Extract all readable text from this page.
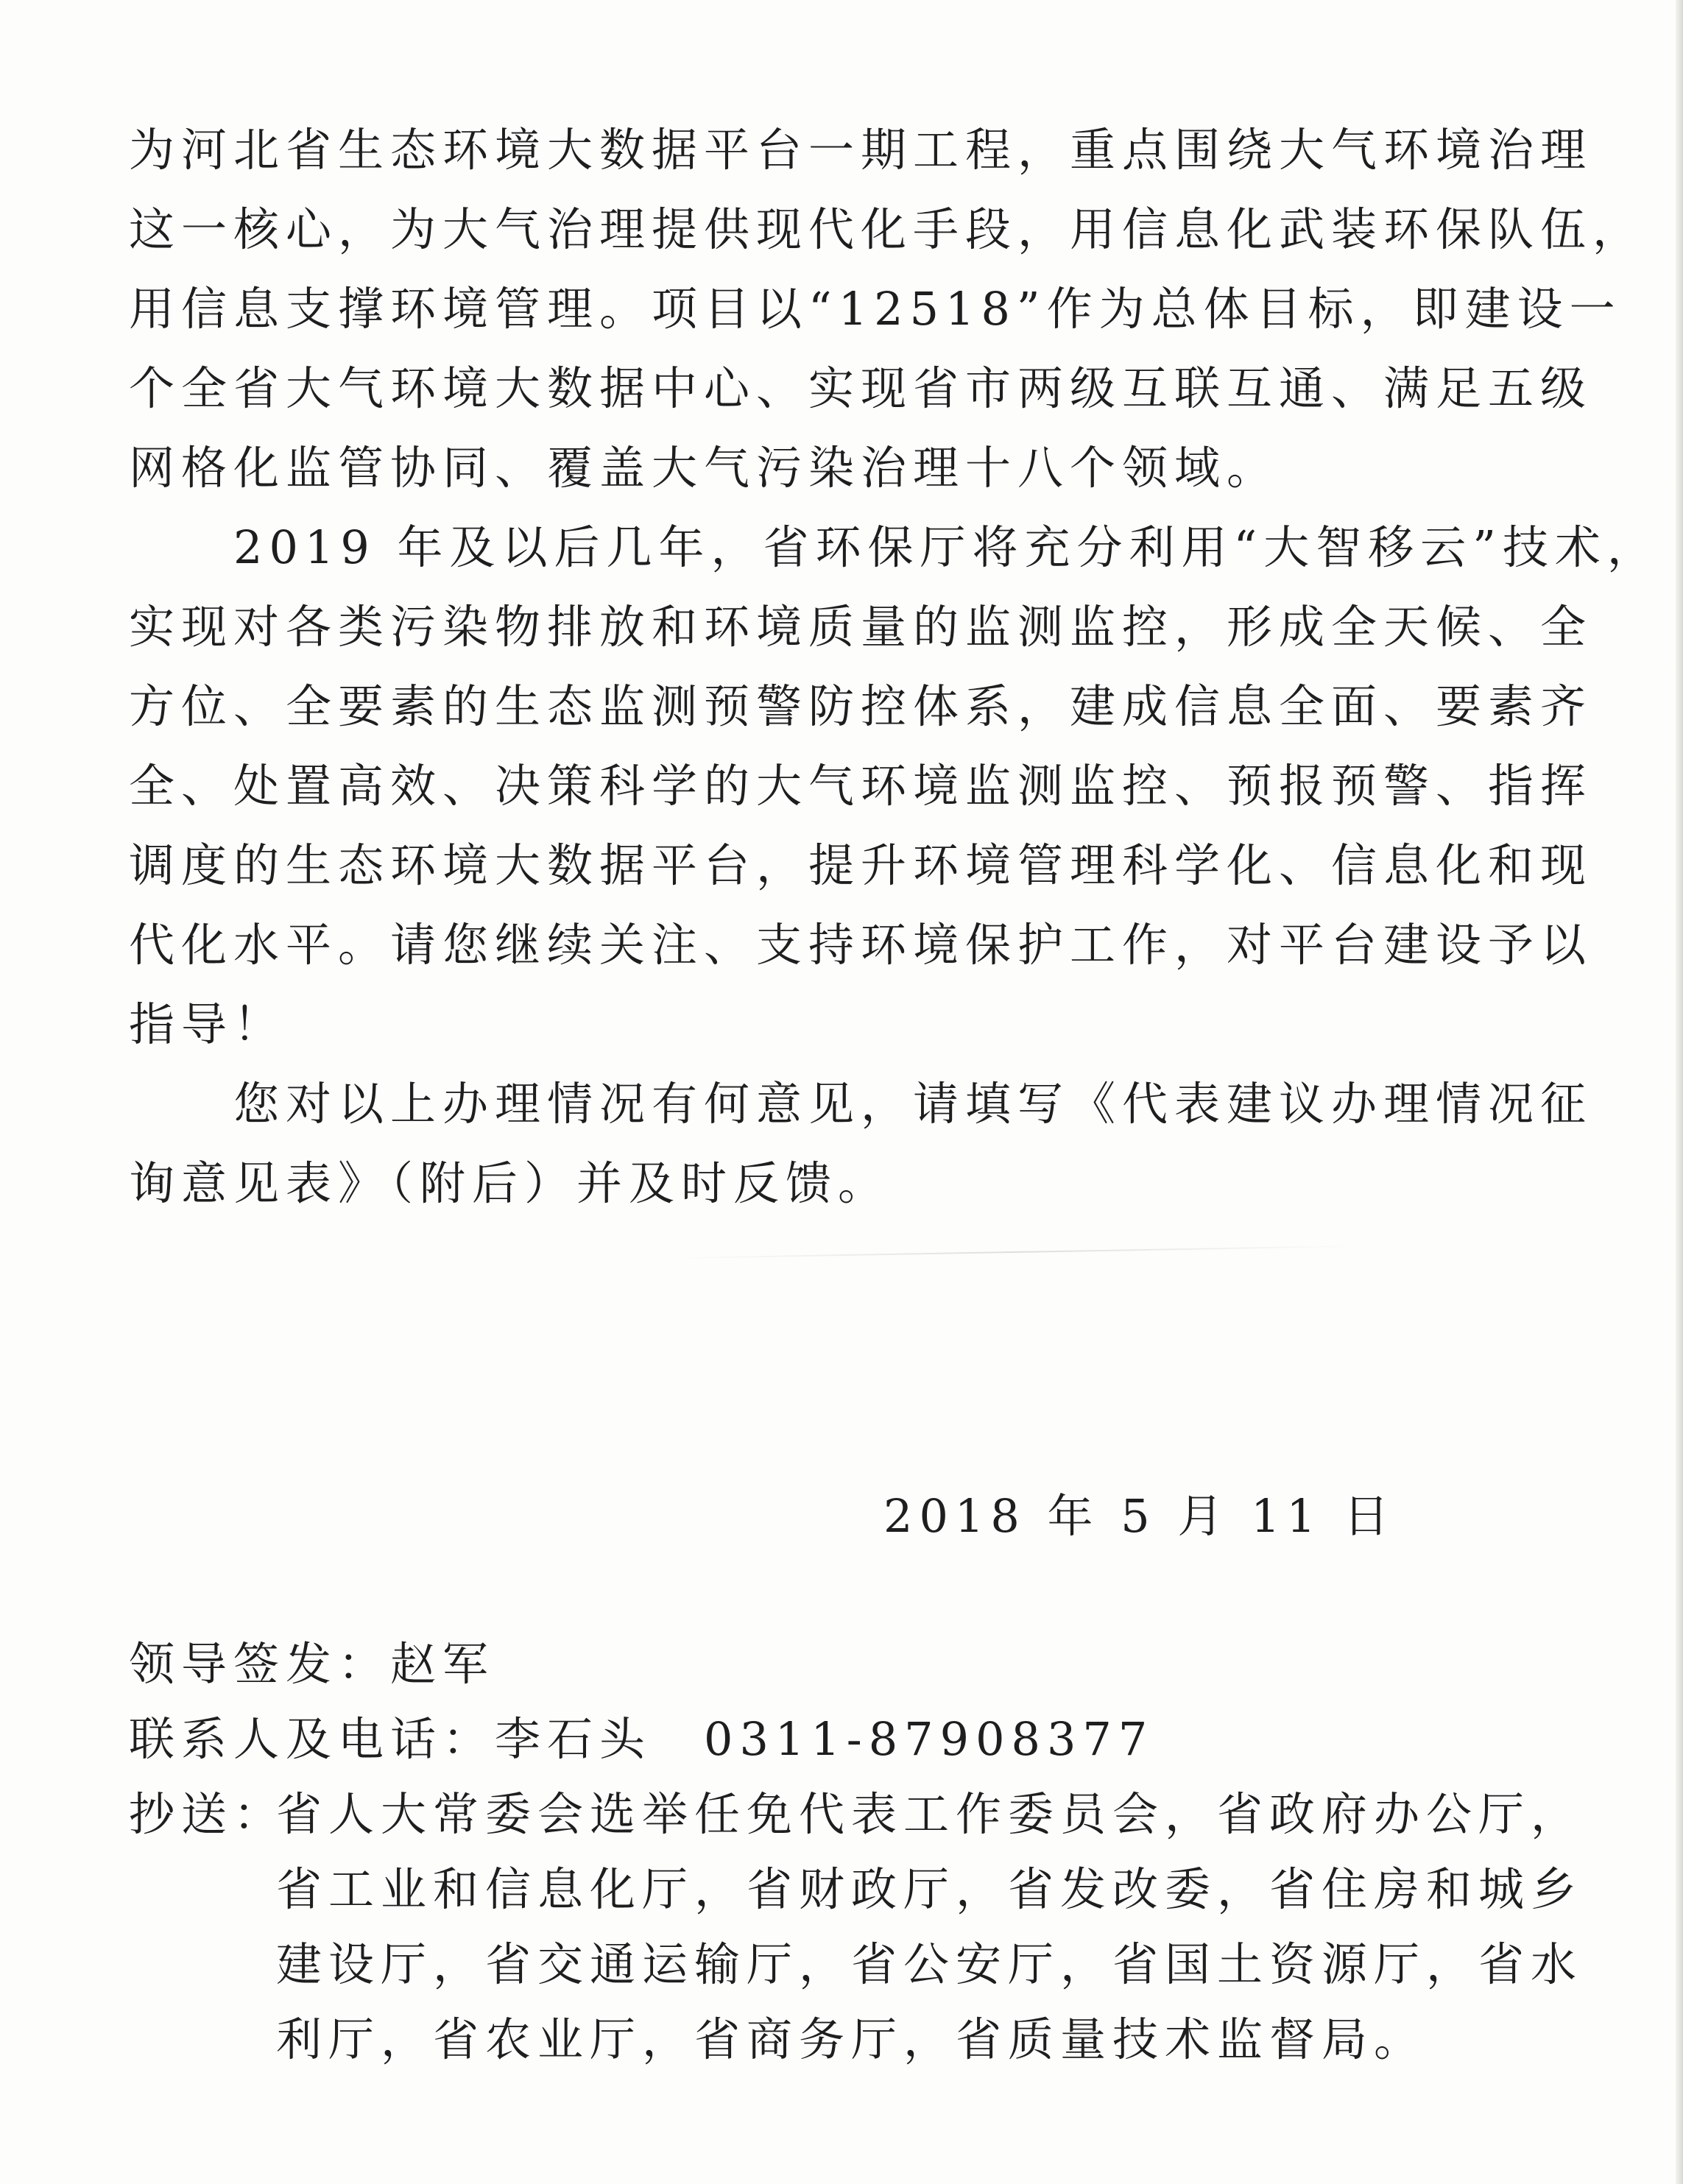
为河北省生态环境大数据平台一期工程，重点围绕大气环境治理
这一核心，为大气治理提供现代化手段，用信息化武装环保队伍，
用信息支撑环境管理。项目以“12518”作为总体目标，即建设一
个全省大气环境大数据中心、实现省市两级互联互通、满足五级
网格化监管协同、覆盖大气污染治理十八个领域。
　　2019 年及以后几年，省环保厅将充分利用“大智移云”技术，
实现对各类污染物排放和环境质量的监测监控，形成全天候、全
方位、全要素的生态监测预警防控体系，建成信息全面、要素齐
全、处置高效、决策科学的大气环境监测监控、预报预警、指挥
调度的生态环境大数据平台，提升环境管理科学化、信息化和现
代化水平。请您继续关注、支持环境保护工作，对平台建设予以
指导！
　　您对以上办理情况有何意见，请填写《代表建议办理情况征
询意见表》（附后）并及时反馈。
2018 年 5 月 11 日
领导签发：赵军
联系人及电话：李石头　0311-87908377
抄送：
省人大常委会选举任免代表工作委员会，省政府办公厅，
省工业和信息化厅，省财政厅，省发改委，省住房和城乡
建设厅，省交通运输厅，省公安厅，省国土资源厅，省水
利厅，省农业厅，省商务厅，省质量技术监督局。
